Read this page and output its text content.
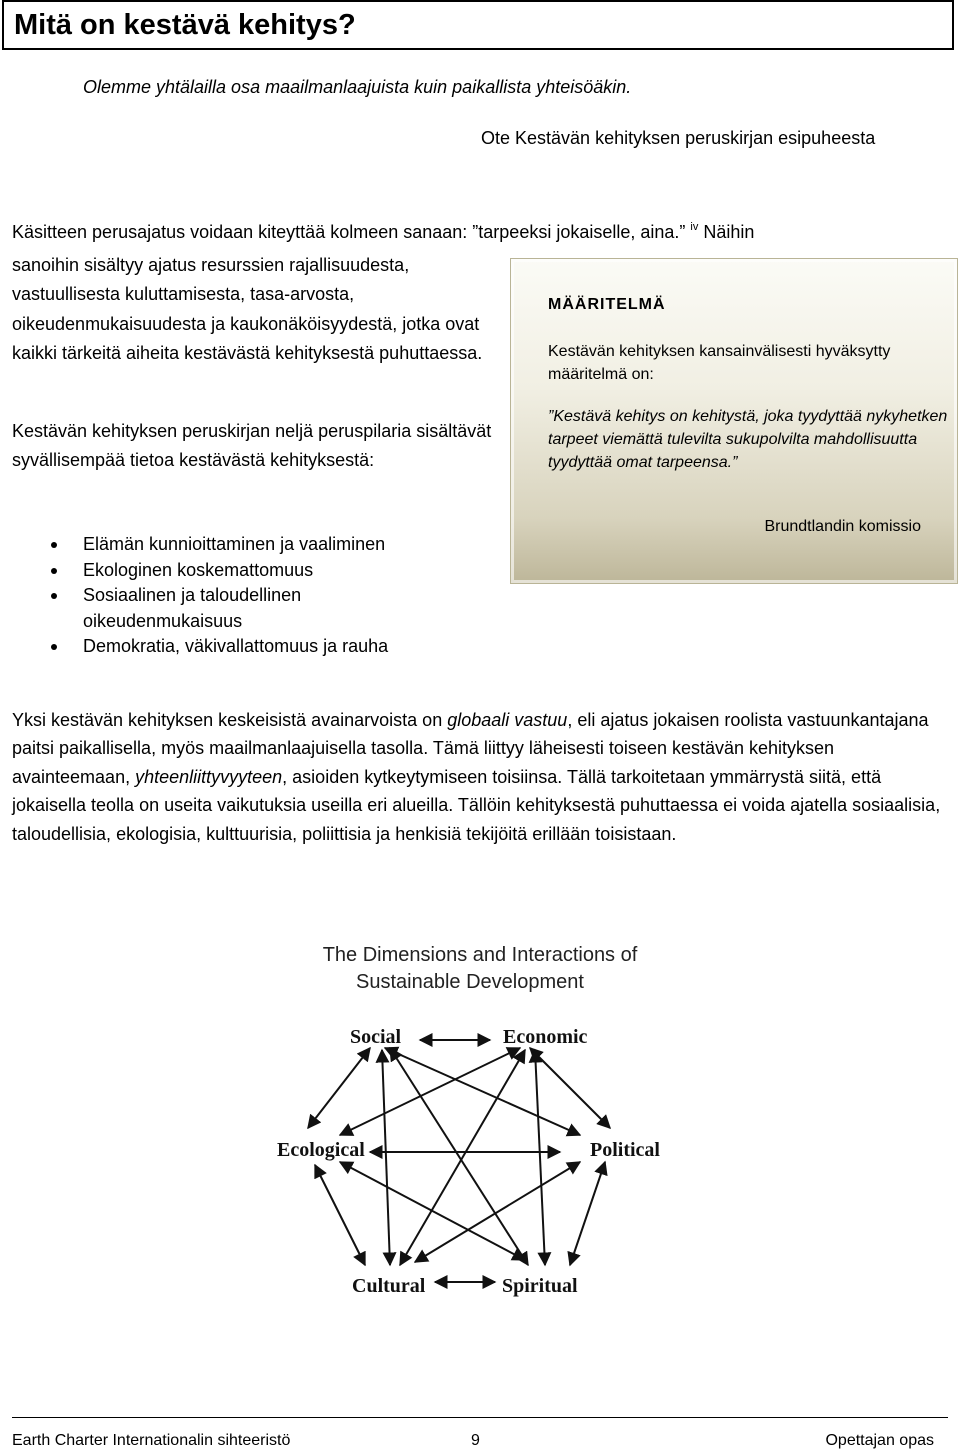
Mitä on kestävä kehitys?
Olemme yhtälailla osa maailmanlaajuista kuin paikallista yhteisöäkin.
Ote Kestävän kehityksen peruskirjan esipuheesta
Käsitteen perusajatus voidaan kiteyttää kolmeen sanaan: ”tarpeeksi jokaiselle, aina.” $^{iv}$ Näihin
sanoihin sisältyy ajatus resurssien rajallisuudesta, vastuullisesta kuluttamisesta, tasa-arvosta, oikeudenmukaisuudesta ja kaukonäköisyydestä, jotka ovat kaikki tärkeitä aiheita kestävästä kehityksestä puhuttaessa.
Kestävän kehityksen peruskirjan neljä peruspilaria sisältävät syvällisempää tietoa kestävästä kehityksestä:
Elämän kunnioittaminen ja vaaliminen
Ekologinen koskemattomuus
Sosiaalinen ja taloudellinen oikeudenmukaisuus
Demokratia, väkivallattomuus ja rauha
MÄÄRITELMÄ
Kestävän kehityksen kansainvälisesti hyväksytty määritelmä on:
”Kestävä kehitys on kehitystä, joka tyydyttää nykyhetken tarpeet viemättä tulevilta sukupolvilta mahdollisuutta tyydyttää omat tarpeensa.”
Brundtlandin komissio
Yksi kestävän kehityksen keskeisistä avainarvoista on globaali vastuu, eli ajatus jokaisen roolista vastuunkantajana paitsi paikallisella, myös maailmanlaajuisella tasolla. Tämä liittyy läheisesti toiseen kestävän kehityksen avainteemaan, yhteenliittyvyyteen, asioiden kytkeytymiseen toisiinsa. Tällä tarkoitetaan ymmärrystä siitä, että jokaisella teolla on useita vaikutuksia useilla eri alueilla. Tällöin kehityksestä puhuttaessa ei voida ajatella sosiaalisia, taloudellisia, ekologisia, kulttuurisia, poliittisia ja henkisiä tekijöitä erillään toisistaan.
The Dimensions and Interactions of
Sustainable Development
Social	Economic
Ecological	Political
Cultural	Spiritual
Earth Charter Internationalin sihteeristö	9	Opettajan opas
